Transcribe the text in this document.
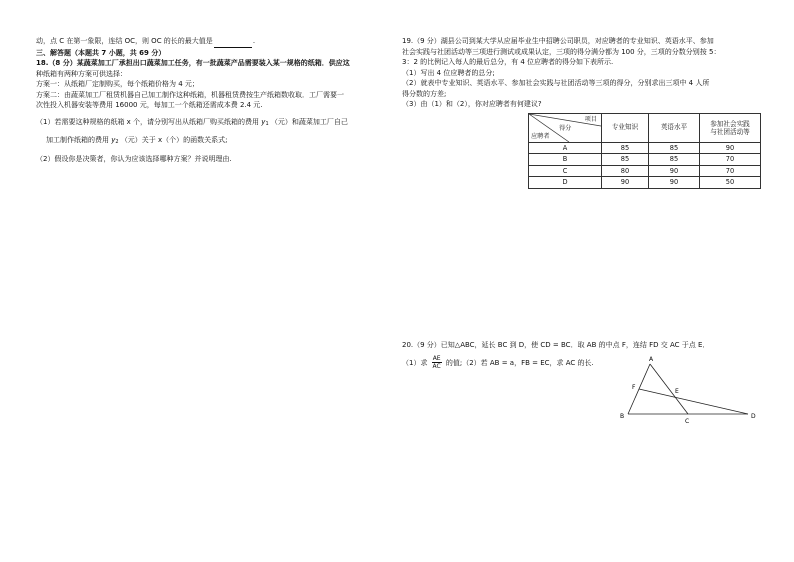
动，点 C 在第一象限，连结 OC，则 OC 的长的最大值是	.

三、解答题（本题共 7 小题，共 69 分）

18.（8 分）某蔬菜加工厂承担出口蔬菜加工任务，有一批蔬菜产品需要装入某一规格的纸箱．供应这

种纸箱有两种方案可供选择：

方案一：从纸箱厂定制购买，每个纸箱价格为 4 元；

方案二：由蔬菜加工厂租赁机器自己加工制作这种纸箱，机器租赁费按生产纸箱数收取．工厂需要一

次性投入机器安装等费用 16000 元，每加工一个纸箱还需成本费 2.4 元.

（1）若需要这种规格的纸箱 x 个，请分别写出从纸箱厂购买纸箱的费用 $y_1$ （元）和蔬菜加工厂自己

加工制作纸箱的费用 $y_2$ （元）关于 x（个）的函数关系式;

（2）假设你是决策者，你认为应该选择哪种方案？并说明理由.

19.（9 分）湖县公司到某大学从应届毕业生中招聘公司职员，对应聘者的专业知识、英语水平、参加

社会实践与社团活动等三项进行测试或成果认定，三项的得分满分都为 100 分，三项的分数分别按 5：

3：2 的比例记入每人的最后总分，有 4 位应聘者的得分如下表所示.

（1）写出 4 位应聘者的总分;

（2）就表中专业知识、英语水平、参加社会实践与社团活动等三项的得分，分别求出三项中 4 人所

得分数的方差;

（3）由（1）和（2），你对应聘者有何建议?

项目
得分
应聘者	专业知识	英语水平	参加社会实践
与社团活动等
A	85	85	90
B	85	85	70
C	80	90	70
D	90	90	50

20.（9 分）已知△ABC，延长 BC 到 D，使 CD = BC．取 AB 的中点 F，连结 FD 交 AC 于点 E．

（1）求 $\frac{AE}{AC}$ 的值;（2）若 AB = a，FB = EC，求 AC 的长.	A
B
C
D
E
F
